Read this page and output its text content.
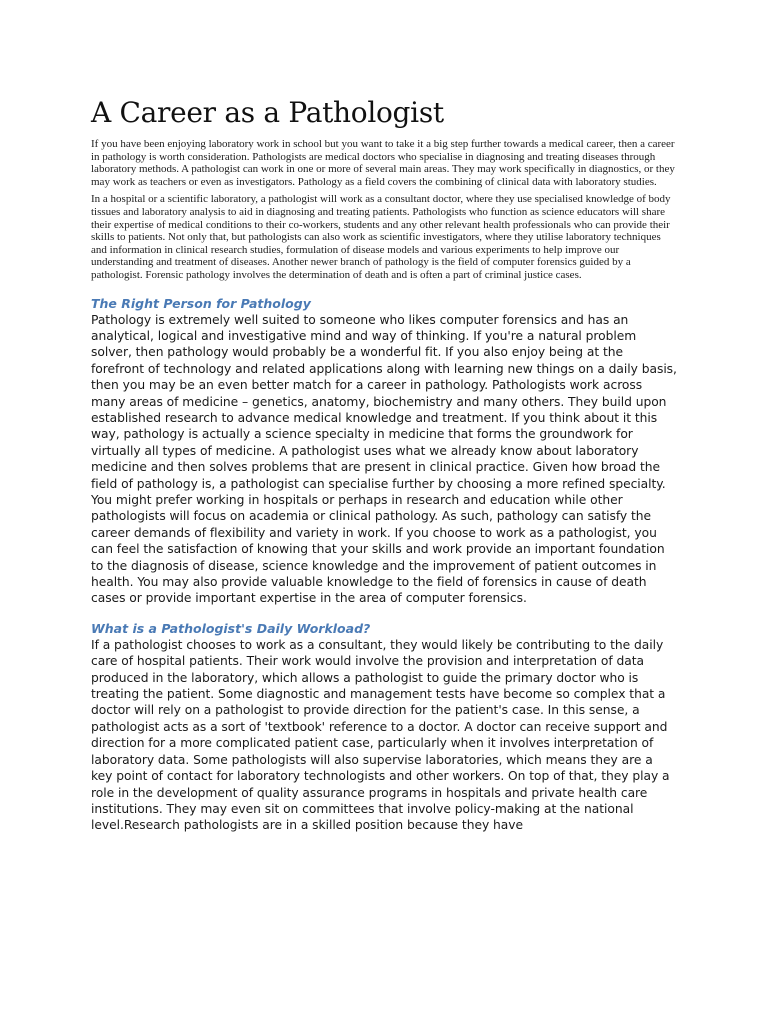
A Career as a Pathologist

If you have been enjoying laboratory work in school but you want to take it a big step further towards a medical career, then a career in pathology is worth consideration. Pathologists are medical doctors who specialise in diagnosing and treating diseases through laboratory methods. A pathologist can work in one or more of several main areas. They may work specifically in diagnostics, or they may work as teachers or even as investigators. Pathology as a field covers the combining of clinical data with laboratory studies.

In a hospital or a scientific laboratory, a pathologist will work as a consultant doctor, where they use specialised knowledge of body tissues and laboratory analysis to aid in diagnosing and treating patients. Pathologists who function as science educators will share their expertise of medical conditions to their co-workers, students and any other relevant health professionals who can provide their skills to patients. Not only that, but pathologists can also work as scientific investigators, where they utilise laboratory techniques and information in clinical research studies, formulation of disease models and various experiments to help improve our understanding and treatment of diseases. Another newer branch of pathology is the field of computer forensics guided by a pathologist. Forensic pathology involves the determination of death and is often a part of criminal justice cases.

The Right Person for Pathology

Pathology is extremely well suited to someone who likes computer forensics and has an analytical, logical and investigative mind and way of thinking. If you're a natural problem solver, then pathology would probably be a wonderful fit. If you also enjoy being at the forefront of technology and related applications along with learning new things on a daily basis, then you may be an even better match for a career in pathology. Pathologists work across many areas of medicine – genetics, anatomy, biochemistry and many others. They build upon established research to advance medical knowledge and treatment. If you think about it this way, pathology is actually a science specialty in medicine that forms the groundwork for virtually all types of medicine. A pathologist uses what we already know about laboratory medicine and then solves problems that are present in clinical practice. Given how broad the field of pathology is, a pathologist can specialise further by choosing a more refined specialty. You might prefer working in hospitals or perhaps in research and education while other pathologists will focus on academia or clinical pathology. As such, pathology can satisfy the career demands of flexibility and variety in work. If you choose to work as a pathologist, you can feel the satisfaction of knowing that your skills and work provide an important foundation to the diagnosis of disease, science knowledge and the improvement of patient outcomes in health. You may also provide valuable knowledge to the field of forensics in cause of death cases or provide important expertise in the area of computer forensics.

What is a Pathologist's Daily Workload?

If a pathologist chooses to work as a consultant, they would likely be contributing to the daily care of hospital patients. Their work would involve the provision and interpretation of data produced in the laboratory, which allows a pathologist to guide the primary doctor who is treating the patient. Some diagnostic and management tests have become so complex that a doctor will rely on a pathologist to provide direction for the patient's case. In this sense, a pathologist acts as a sort of 'textbook' reference to a doctor. A doctor can receive support and direction for a more complicated patient case, particularly when it involves interpretation of laboratory data. Some pathologists will also supervise laboratories, which means they are a key point of contact for laboratory technologists and other workers. On top of that, they play a role in the development of quality assurance programs in hospitals and private health care institutions. They may even sit on committees that involve policy-making at the national level.Research pathologists are in a skilled position because they have
